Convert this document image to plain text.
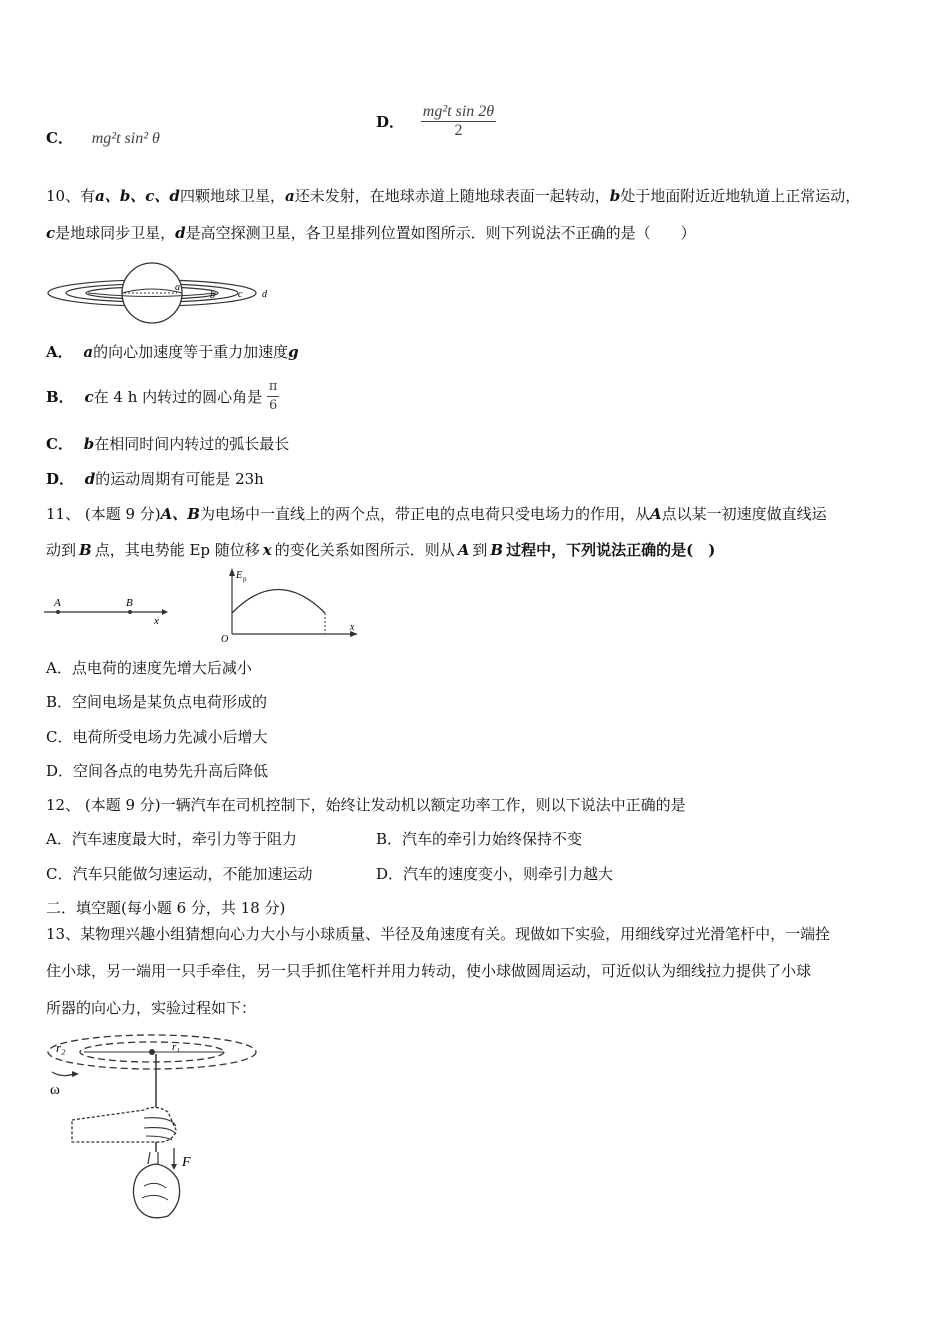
C． mg²t sin² θ
D． $\frac{\text{mg²t sin 2θ}}{2}$
10、有a、b、c、d四颗地球卫星，a还未发射，在地球赤道上随地球表面一起转动，b处于地面附近近地轨道上正常运动，
c是地球同步卫星，d是高空探测卫星，各卫星排列位置如图所示．则下列说法不正确的是（　　）
a
b c d
A． a的向心加速度等于重力加速度g
B． c在 4 h 内转过的圆心角是 $\frac{\pi}{6}$
C． b在相同时间内转过的弧长最长
D． d的运动周期有可能是 23h
11、 (本题 9 分)A、B为电场中一直线上的两个点，带正电的点电荷只受电场力的作用，从A点以某一初速度做直线运
动到 B 点，其电势能 Ep 随位移 x 的变化关系如图所示．则从 A 到 B 过程中，下列说法正确的是(　)
A	B
x
E p
O
x
A．点电荷的速度先增大后减小
B．空间电场是某负点电荷形成的
C．电荷所受电场力先减小后增大
D．空间各点的电势先升高后降低
12、 (本题 9 分)一辆汽车在司机控制下，始终让发动机以额定功率工作，则以下说法中正确的是
A．汽车速度最大时，牵引力等于阻力	B．汽车的牵引力始终保持不变
C．汽车只能做匀速运动，不能加速运动	D．汽车的速度变小，则牵引力越大
二．填空题(每小题 6 分，共 18 分)
13、某物理兴趣小组猜想向心力大小与小球质量、半径及角速度有关。现做如下实验，用细线穿过光滑笔杆中，一端拴
住小球，另一端用一只手牵住，另一只手抓住笔杆并用力转动，使小球做圆周运动，可近似认为细线拉力提供了小球
所器的向心力，实验过程如下：
r₂	r₁
ω
F
